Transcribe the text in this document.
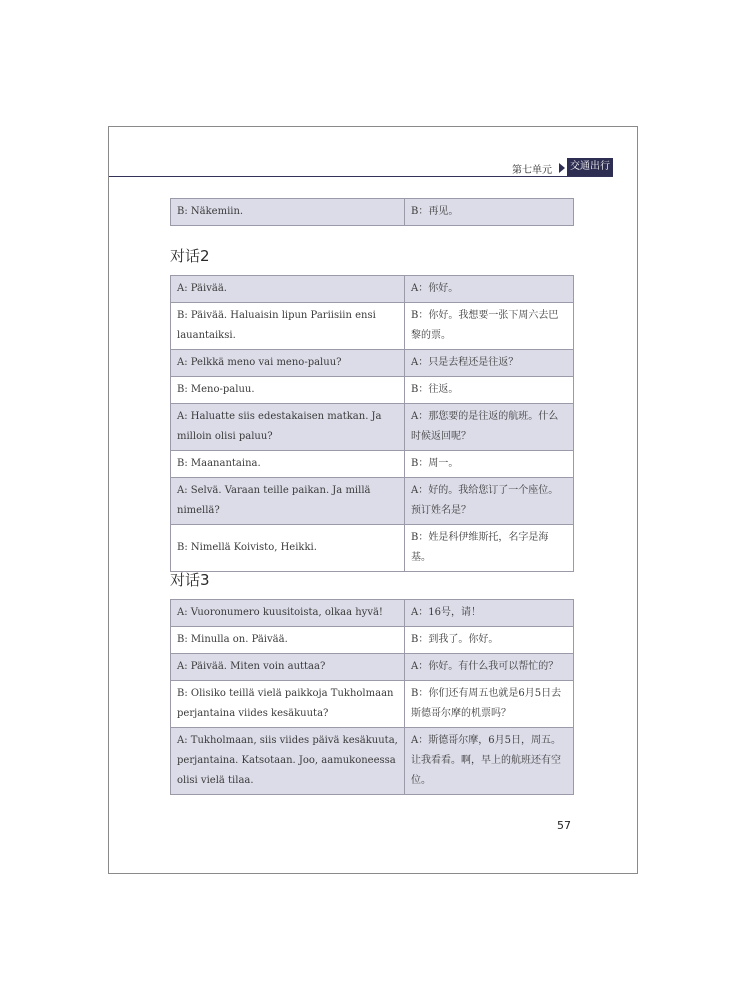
第七单元	交通出行
B: Näkemiin.	B：再见。
对话2
A: Päivää.	A：你好。
B: Päivää. Haluaisin lipun Pariisiin ensi lauantaiksi.	B：你好。我想要一张下周六去巴黎的票。
A: Pelkkä meno vai meno-paluu?	A：只是去程还是往返？
B: Meno-paluu.	B：往返。
A: Haluatte siis edestakaisen matkan. Ja milloin olisi paluu?	A：那您要的是往返的航班。什么时候返回呢？
B: Maanantaina.	B：周一。
A: Selvä. Varaan teille paikan. Ja millä nimellä?	A：好的。我给您订了一个座位。预订姓名是？
B: Nimellä Koivisto, Heikki.	B：姓是科伊维斯托，名字是海基。
对话3
A: Vuoronumero kuusitoista, olkaa hyvä!	A：16号，请！
B: Minulla on. Päivää.	B：到我了。你好。
A: Päivää. Miten voin auttaa?	A：你好。有什么我可以帮忙的？
B: Olisiko teillä vielä paikkoja Tukholmaan perjantaina viides kesäkuuta?	B：你们还有周五也就是6月5日去斯德哥尔摩的机票吗？
A: Tukholmaan, siis viides päivä kesäkuuta, perjantaina. Katsotaan. Joo, aamukoneessa olisi vielä tilaa.	A：斯德哥尔摩，6月5日，周五。让我看看。啊，早上的航班还有空位。
57
